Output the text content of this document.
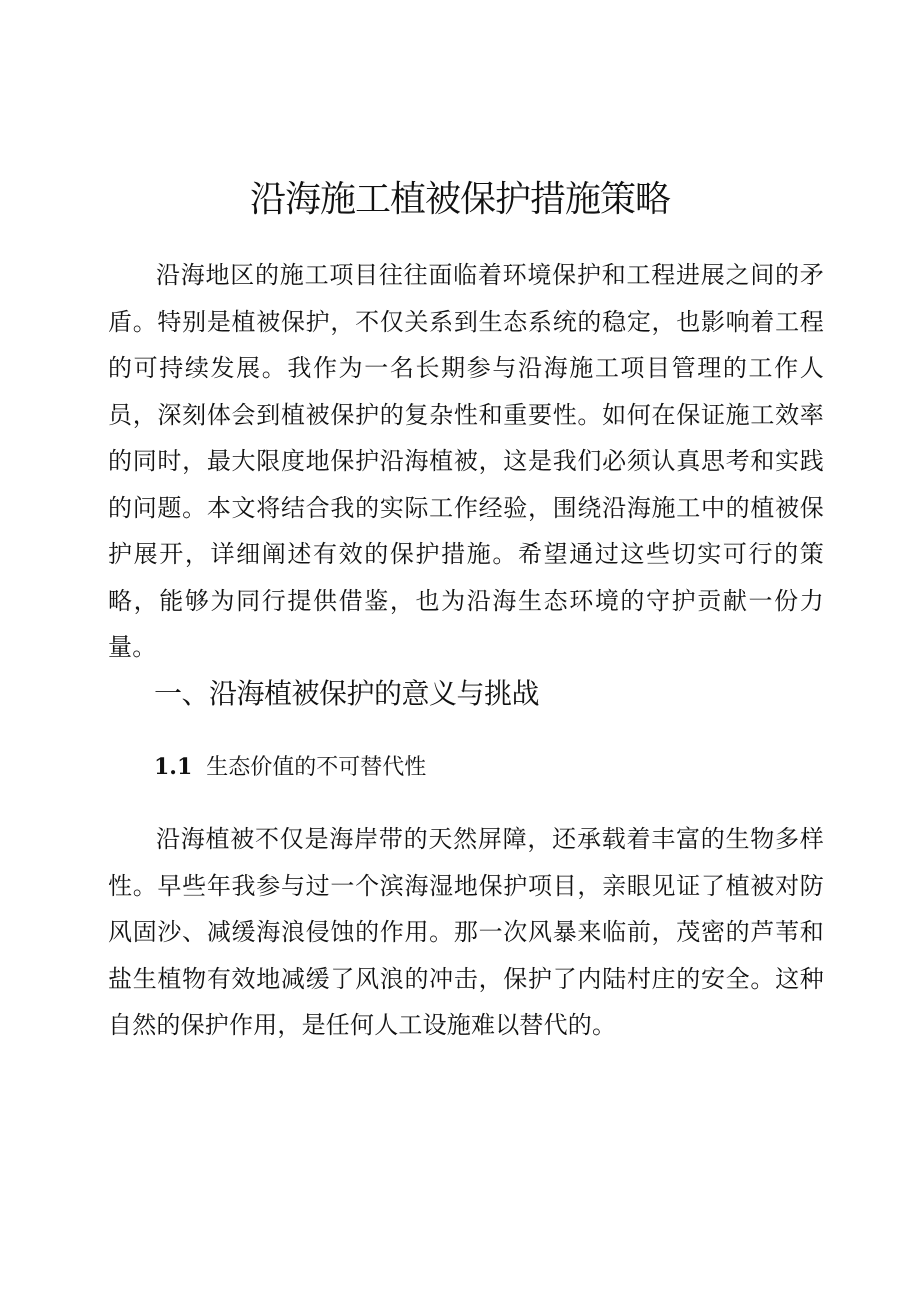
沿海施工植被保护措施策略

沿海地区的施工项目往往面临着环境保护和工程进展之间的矛盾。特别是植被保护，不仅关系到生态系统的稳定，也影响着工程的可持续发展。我作为一名长期参与沿海施工项目管理的工作人员，深刻体会到植被保护的复杂性和重要性。如何在保证施工效率的同时，最大限度地保护沿海植被，这是我们必须认真思考和实践的问题。本文将结合我的实际工作经验，围绕沿海施工中的植被保护展开，详细阐述有效的保护措施。希望通过这些切实可行的策略，能够为同行提供借鉴，也为沿海生态环境的守护贡献一份力量。

一、沿海植被保护的意义与挑战
1.1 生态价值的不可替代性

沿海植被不仅是海岸带的天然屏障，还承载着丰富的生物多样性。早些年我参与过一个滨海湿地保护项目，亲眼见证了植被对防风固沙、减缓海浪侵蚀的作用。那一次风暴来临前，茂密的芦苇和盐生植物有效地减缓了风浪的冲击，保护了内陆村庄的安全。这种自然的保护作用，是任何人工设施难以替代的。
